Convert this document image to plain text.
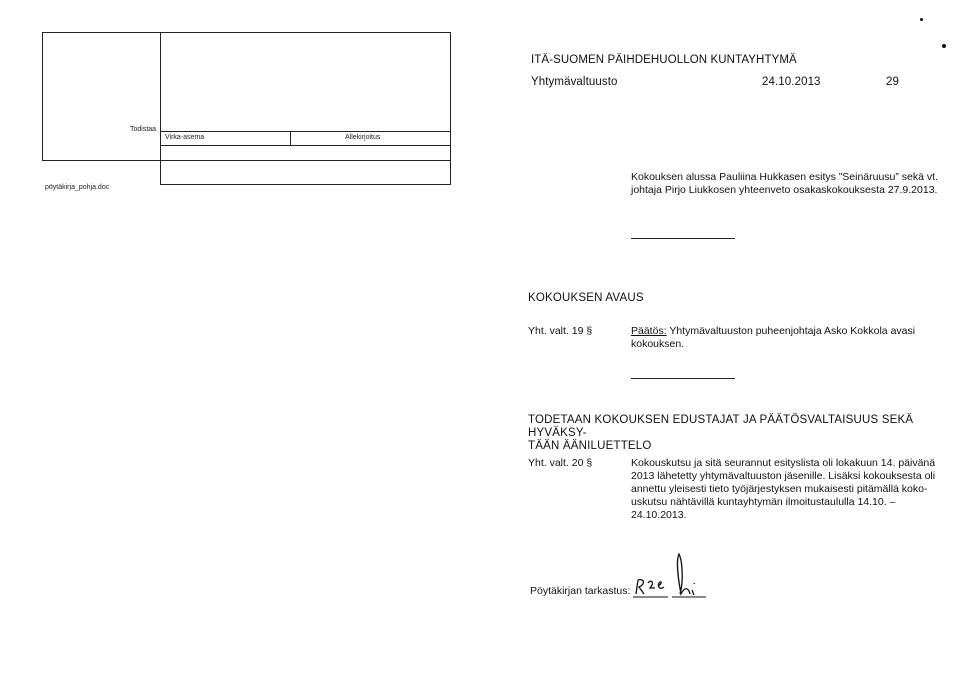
Todistaa
Virka-asema	Allekirjoitus
pöytäkirja_pohja.doc
ITÄ-SUOMEN PÄIHDEHUOLLON KUNTAYHTYMÄ
Yhtymävaltuusto	24.10.2013	29
Kokouksen alussa Pauliina Hukkasen esitys ”Seinäruusu” sekä vt.
johtaja Pirjo Liukkosen yhteenveto osakaskokouksesta 27.9.2013.
KOKOUKSEN AVAUS
Yht. valt. 19 §	Päätös: Yhtymävaltuuston puheenjohtaja Asko Kokkola avasi
kokouksen.
TODETAAN KOKOUKSEN EDUSTAJAT JA PÄÄTÖSVALTAISUUS SEKÄ HYVÄKSY-
TÄÄN ÄÄNILUETTELO
Yht. valt. 20 §	Kokouskutsu ja sitä seurannut esityslista oli lokakuun 14. päivänä
2013 lähetetty yhtymävaltuuston jäsenille. Lisäksi kokouksesta oli
annettu yleisesti tieto työjärjestyksen mukaisesti pitämällä koko-
uskutsu nähtävillä kuntayhtymän ilmoitustaululla 14.10. –
24.10.2013.
Pöytäkirjan tarkastus:
